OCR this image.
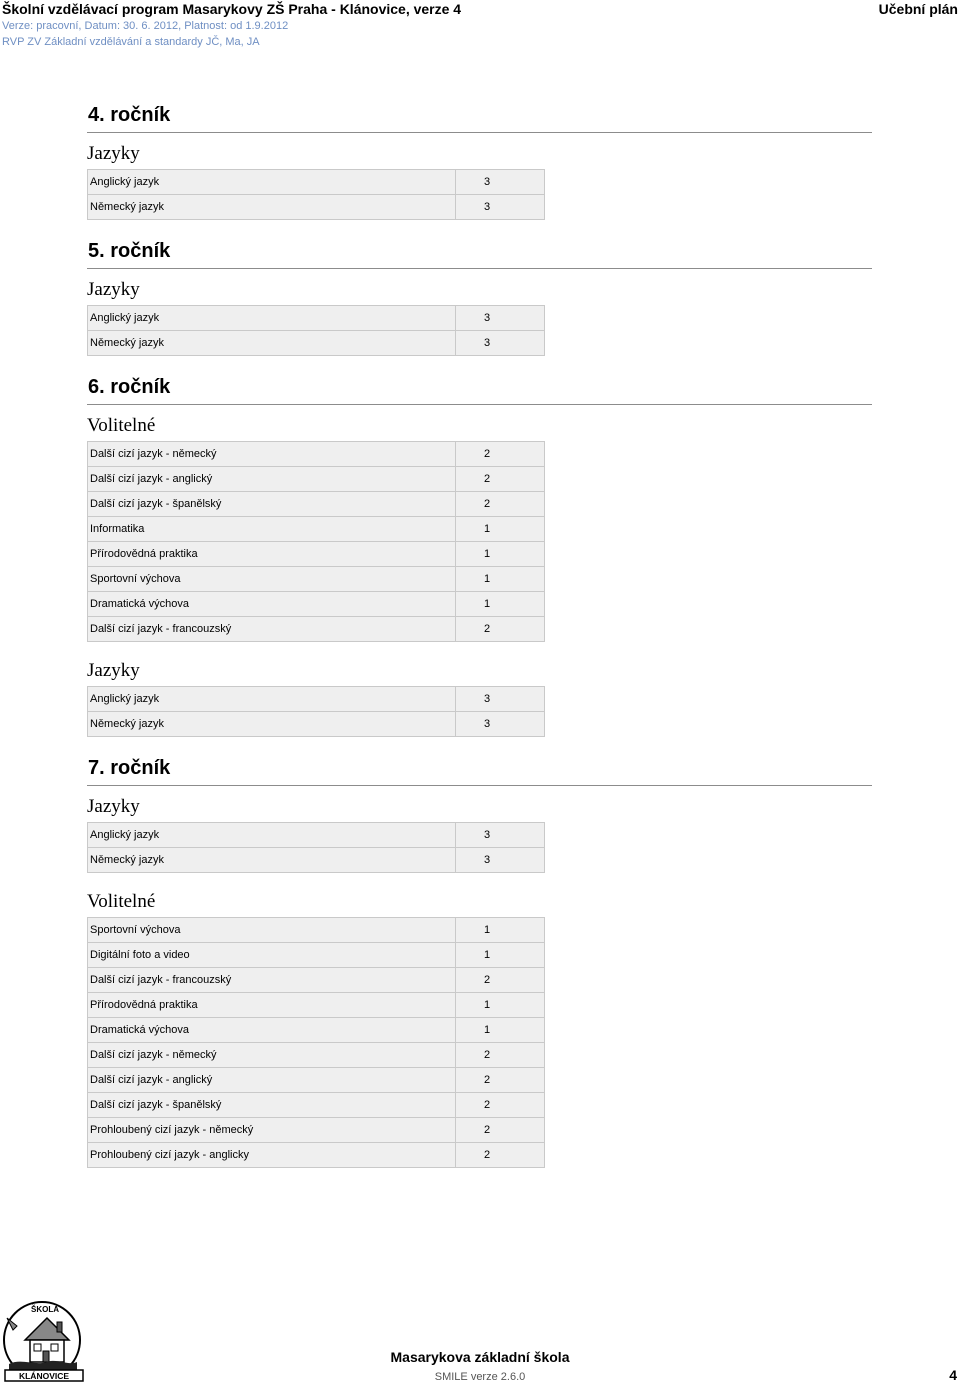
Školní vzdělávací program Masarykovy ZŠ Praha - Klánovice, verze 4	Učební plán
Verze: pracovní, Datum: 30. 6. 2012, Platnost: od 1.9.2012
RVP ZV Základní vzdělávání a standardy JČ, Ma, JA
4. ročník
Jazyky
Anglický jazyk	3
Německý jazyk	3
5. ročník
Jazyky
Anglický jazyk	3
Německý jazyk	3
6. ročník
Volitelné
Další cizí jazyk - německý	2
Další cizí jazyk - anglický	2
Další cizí jazyk - španělský	2
Informatika	1
Přírodovědná praktika	1
Sportovní výchova	1
Dramatická výchova	1
Další cizí jazyk - francouzský	2
Jazyky
Anglický jazyk	3
Německý jazyk	3
7. ročník
Jazyky
Anglický jazyk	3
Německý jazyk	3
Volitelné
Sportovní výchova	1
Digitální foto a video	1
Další cizí jazyk - francouzský	2
Přírodovědná praktika	1
Dramatická výchova	1
Další cizí jazyk - německý	2
Další cizí jazyk - anglický	2
Další cizí jazyk - španělský	2
Prohloubený cizí jazyk - německý	2
Prohloubený cizí jazyk - anglicky	2
ŠKOLA
KLÁNOVICE
Masarykova základní škola
SMILE verze 2.6.0	4
